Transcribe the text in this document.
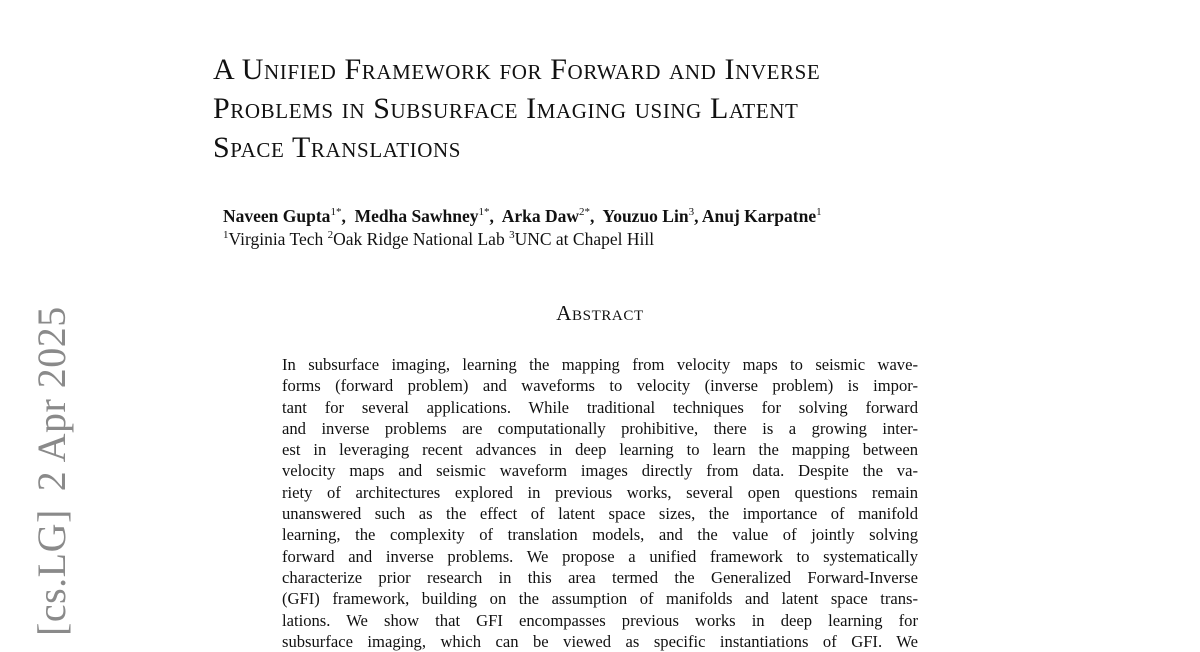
[cs.LG]2 Apr 2025
A Unified Framework for Forward and Inverse
Problems in Subsurface Imaging using Latent
Space Translations
Naveen Gupta$^{1*}$,  Medha Sawhney$^{1*}$,  Arka Daw$^{2*}$,  Youzuo Lin$^3$, Anuj Karpatne$^1$
$^1$Virginia Tech $^2$Oak Ridge National Lab $^3$UNC at Chapel Hill
Abstract
In subsurface imaging, learning the mapping from velocity maps to seismic wave-
forms (forward problem) and waveforms to velocity (inverse problem) is impor-
tant for several applications. While traditional techniques for solving forward
and inverse problems are computationally prohibitive, there is a growing inter-
est in leveraging recent advances in deep learning to learn the mapping between
velocity maps and seismic waveform images directly from data. Despite the va-
riety of architectures explored in previous works, several open questions remain
unanswered such as the effect of latent space sizes, the importance of manifold
learning, the complexity of translation models, and the value of jointly solving
forward and inverse problems. We propose a unified framework to systematically
characterize prior research in this area termed the Generalized Forward-Inverse
(GFI) framework, building on the assumption of manifolds and latent space trans-
lations. We show that GFI encompasses previous works in deep learning for
subsurface imaging, which can be viewed as specific instantiations of GFI. We
